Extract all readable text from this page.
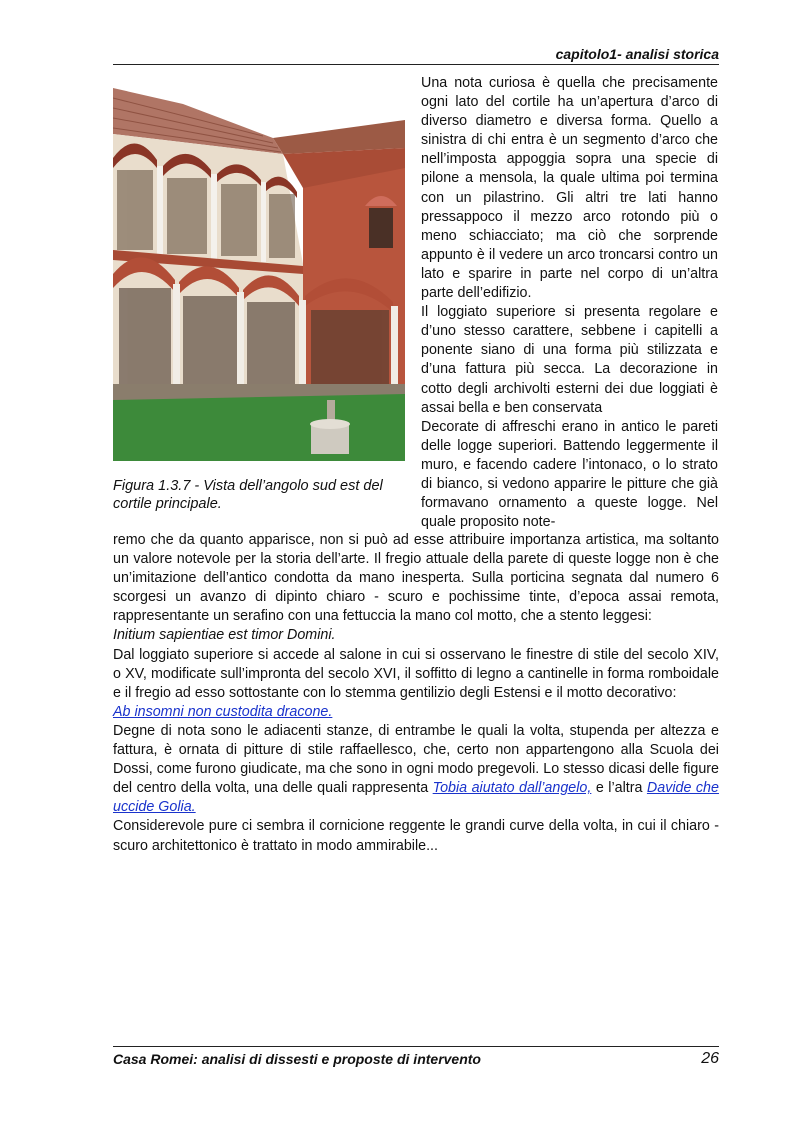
capitolo1- analisi storica
Figura 1.3.7 - Vista dell’angolo sud est del cortile principale.

Una nota curiosa è quella che precisamente ogni lato del cortile ha un’apertura d’arco di diverso diametro e diversa forma. Quello a sinistra di chi entra è un segmento d’arco che nell’imposta appoggia sopra una specie di pilone a mensola, la quale ultima poi termina con un pilastrino. Gli altri tre lati hanno pressappoco il mezzo arco rotondo più o meno schiacciato; ma ciò che sorprende appunto è il vedere un arco troncarsi contro un lato e sparire in parte nel corpo di un’altra parte dell’edifizio.

Il loggiato superiore si presenta regolare e d’uno stesso carattere, sebbene i capitelli a ponente siano di una forma più stilizzata e d’una fattura più secca. La decorazione in cotto degli archivolti esterni dei due loggiati è assai bella e ben conservata

Decorate di affreschi erano in antico le pareti delle logge superiori. Battendo leggermente il muro, e facendo cadere l’intonaco, o lo strato di bianco, si vedono apparire le pitture che già formavano ornamento a queste logge. Nel quale proposito note-

remo che da quanto apparisce, non si può ad esse attribuire importanza artistica, ma soltanto un valore notevole per la storia dell’arte. Il fregio attuale della parete di queste logge non è che un’imitazione dell’antico condotta da mano inesperta. Sulla porticina segnata dal numero 6 scorgesi un avanzo di dipinto chiaro - scuro e pochissime tinte, d’epoca assai remota, rappresentante un serafino con una fettuccia la mano col motto, che a stento leggesi:

Initium sapientiae est timor Domini.

Dal loggiato superiore si accede al salone in cui si osservano le finestre di stile del secolo XIV, o XV, modificate sull’impronta del secolo XVI, il soffitto di legno a cantinelle in forma romboidale e il fregio ad esso sottostante con lo stemma gentilizio degli Estensi e il motto decorativo:

Ab insomni non custodita dracone.

Degne di nota sono le adiacenti stanze, di entrambe le quali la volta, stupenda per altezza e fattura, è ornata di pitture di stile raffaellesco, che, certo non appartengono alla Scuola dei Dossi, come furono giudicate, ma che sono in ogni modo pregevoli. Lo stesso dicasi delle figure del centro della volta, una delle quali rappresenta Tobia aiutato dall’angelo, e l’altra Davide che uccide Golia.

Considerevole pure ci sembra il cornicione reggente le grandi curve della volta, in cui il chiaro - scuro architettonico è trattato in modo ammirabile...

Casa Romei: analisi di dissesti e proposte di intervento	26
